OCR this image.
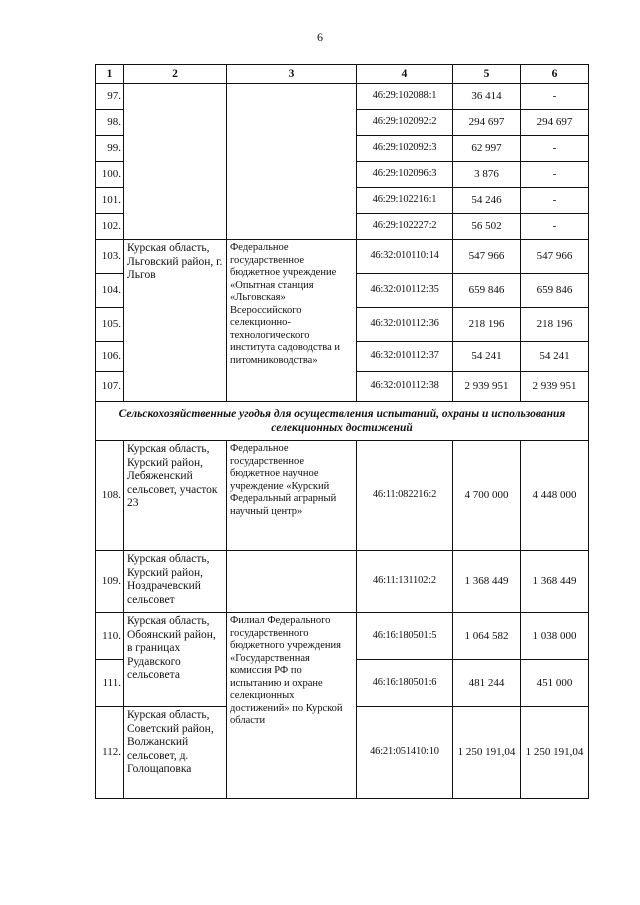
6
1	2	3	4	5	6
97.			46:29:102088:1	36 414	-
98.			46:29:102092:2	294 697	294 697
99.			46:29:102092:3	62 997	-
100.			46:29:102096:3	3 876	-
101.			46:29:102216:1	54 246	-
102.			46:29:102227:2	56 502	-
103.	Курская область, Льговский район, г. Льгов	Федеральное государственное бюджетное учреждение «Опытная станция «Льговская» Всероссийского селекционно-технологического института садоводства и питомниководства»	46:32:010110:14	547 966	547 966
104.			46:32:010112:35	659 846	659 846
105.			46:32:010112:36	218 196	218 196
106.			46:32:010112:37	54 241	54 241
107.			46:32:010112:38	2 939 951	2 939 951
Сельскохозяйственные угодья для осуществления испытаний, охраны и использования селекционных достижений					
108.	Курская область, Курский район, Лебяженский сельсовет, участок 23	Федеральное государственное бюджетное научное учреждение «Курский Федеральный аграрный научный центр»	46:11:082216:2	4 700 000	4 448 000
109.	Курская область, Курский район, Ноздрачевский сельсовет		46:11:131102:2	1 368 449	1 368 449
110.	Курская область, Обоянский район, в границах Рудавского сельсовета	Филиал Федерального государственного бюджетного учреждения «Государственная комиссия РФ по испытанию и охране селекционных достижений» по Курской области	46:16:180501:5	1 064 582	1 038 000
111.			46:16:180501:6	481 244	451 000
112.	Курская область, Советский район, Волжанский сельсовет, д. Голощаповка		46:21:051410:10	1 250 191,04	1 250 191,04
